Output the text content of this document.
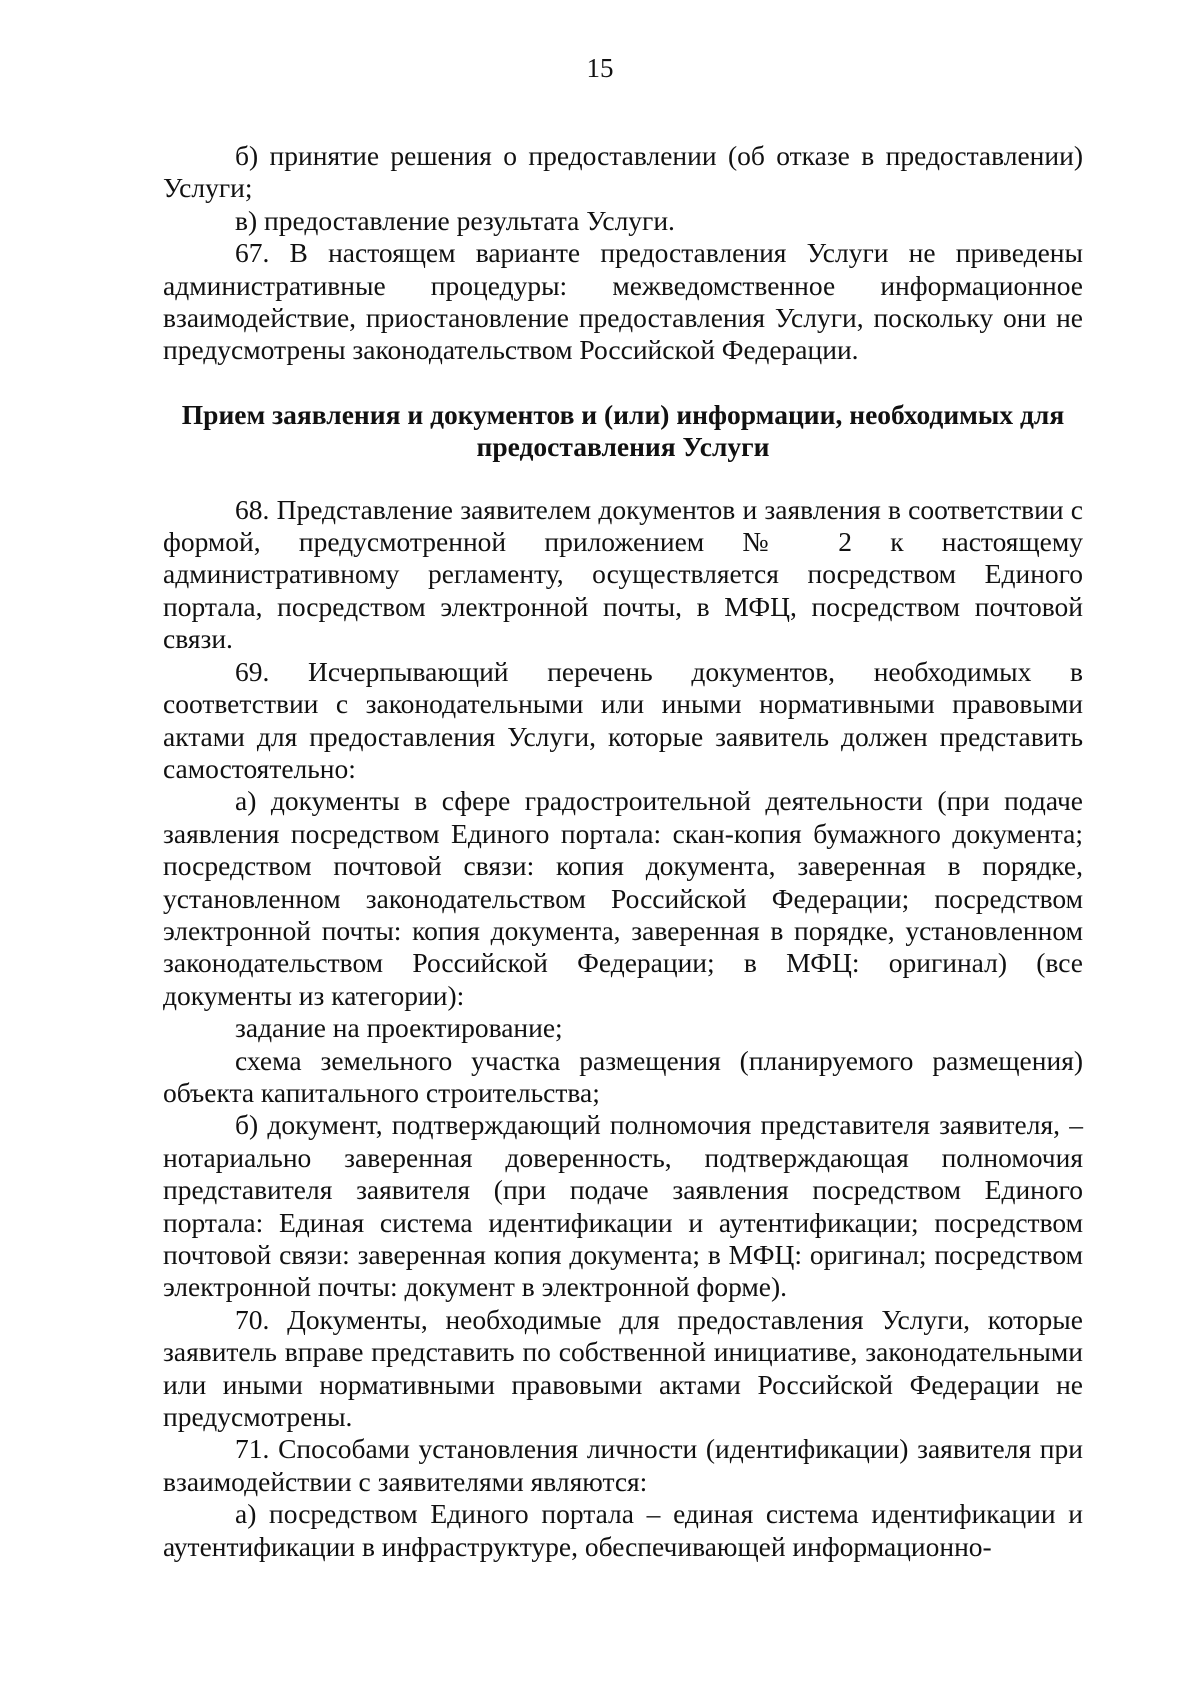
15

б) принятие решения о предоставлении (об отказе в предоставлении) Услуги;

в) предоставление результата Услуги.

67. В настоящем варианте предоставления Услуги не приведены административные процедуры: межведомственное информационное взаимодействие, приостановление предоставления Услуги, поскольку они не предусмотрены законодательством Российской Федерации.

Прием заявления и документов и (или) информации, необходимых для предоставления Услуги

68. Представление заявителем документов и заявления в соответствии с формой, предусмотренной приложением № 2 к настоящему административному регламенту, осуществляется посредством Единого портала, посредством электронной почты, в МФЦ, посредством почтовой связи.

69. Исчерпывающий перечень документов, необходимых в соответствии с законодательными или иными нормативными правовыми актами для предоставления Услуги, которые заявитель должен представить самостоятельно:

а) документы в сфере градостроительной деятельности (при подаче заявления посредством Единого портала: скан-копия бумажного документа; посредством почтовой связи: копия документа, заверенная в порядке, установленном законодательством Российской Федерации; посредством электронной почты: копия документа, заверенная в порядке, установленном законодательством Российской Федерации; в МФЦ: оригинал) (все документы из категории):

задание на проектирование;

схема земельного участка размещения (планируемого размещения) объекта капитального строительства;

б) документ, подтверждающий полномочия представителя заявителя, – нотариально заверенная доверенность, подтверждающая полномочия представителя заявителя (при подаче заявления посредством Единого портала: Единая система идентификации и аутентификации; посредством почтовой связи: заверенная копия документа; в МФЦ: оригинал; посредством электронной почты: документ в электронной форме).

70. Документы, необходимые для предоставления Услуги, которые заявитель вправе представить по собственной инициативе, законодательными или иными нормативными правовыми актами Российской Федерации не предусмотрены.

71. Способами установления личности (идентификации) заявителя при взаимодействии с заявителями являются:

а) посредством Единого портала – единая система идентификации и аутентификации в инфраструктуре, обеспечивающей информационно-
